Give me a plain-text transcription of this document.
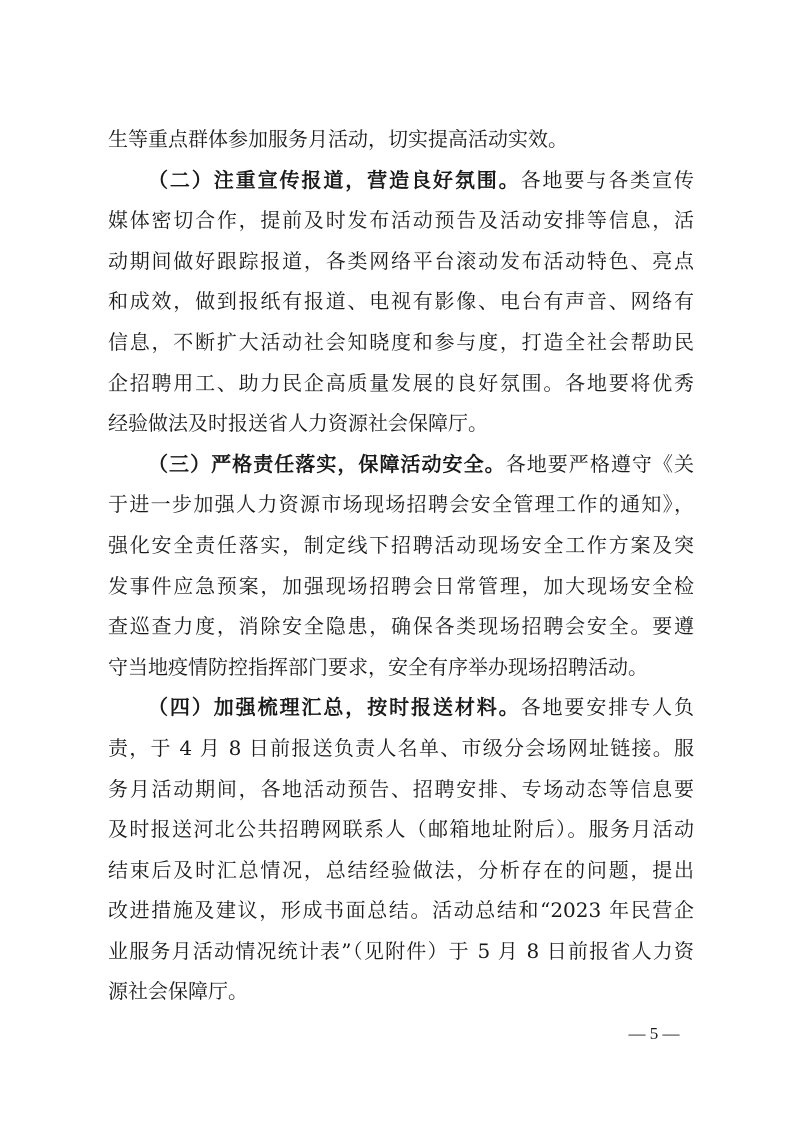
生等重点群体参加服务月活动，切实提高活动实效。
（二）注重宣传报道，营造良好氛围。各地要与各类宣传
媒体密切合作，提前及时发布活动预告及活动安排等信息，活
动期间做好跟踪报道，各类网络平台滚动发布活动特色、亮点
和成效，做到报纸有报道、电视有影像、电台有声音、网络有
信息，不断扩大活动社会知晓度和参与度，打造全社会帮助民
企招聘用工、助力民企高质量发展的良好氛围。各地要将优秀
经验做法及时报送省人力资源社会保障厅。
（三）严格责任落实，保障活动安全。各地要严格遵守《关
于进一步加强人力资源市场现场招聘会安全管理工作的通知》，
强化安全责任落实，制定线下招聘活动现场安全工作方案及突
发事件应急预案，加强现场招聘会日常管理，加大现场安全检
查巡查力度，消除安全隐患，确保各类现场招聘会安全。要遵
守当地疫情防控指挥部门要求，安全有序举办现场招聘活动。
（四）加强梳理汇总，按时报送材料。各地要安排专人负
责，于 4 月 8 日前报送负责人名单、市级分会场网址链接。服
务月活动期间，各地活动预告、招聘安排、专场动态等信息要
及时报送河北公共招聘网联系人（邮箱地址附后）。服务月活动
结束后及时汇总情况，总结经验做法，分析存在的问题，提出
改进措施及建议，形成书面总结。活动总结和“2023 年民营企
业服务月活动情况统计表”（见附件）于 5 月 8 日前报省人力资
源社会保障厅。
— 5 —
